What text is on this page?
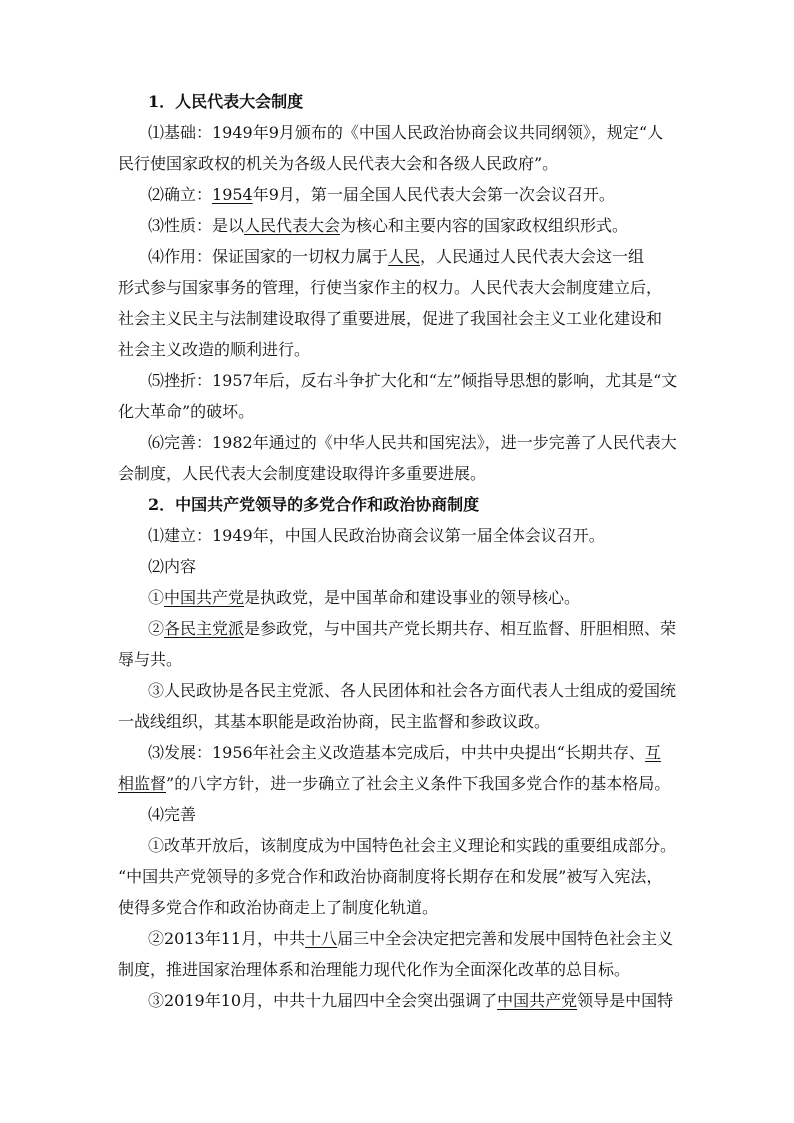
1．人民代表大会制度
⑴基础：1949年9月颁布的《中国人民政治协商会议共同纲领》，规定“人
民行使国家政权的机关为各级人民代表大会和各级人民政府”。
⑵确立：1954年9月，第一届全国人民代表大会第一次会议召开。
⑶性质：是以人民代表大会为核心和主要内容的国家政权组织形式。
⑷作用：保证国家的一切权力属于人民，人民通过人民代表大会这一组
形式参与国家事务的管理，行使当家作主的权力。人民代表大会制度建立后，
社会主义民主与法制建设取得了重要进展，促进了我国社会主义工业化建设和
社会主义改造的顺利进行。
⑸挫折：1957年后，反右斗争扩大化和“左”倾指导思想的影响，尤其是“文
化大革命”的破坏。
⑹完善：1982年通过的《中华人民共和国宪法》，进一步完善了人民代表大
会制度，人民代表大会制度建设取得许多重要进展。
2．中国共产党领导的多党合作和政治协商制度
⑴建立：1949年，中国人民政治协商会议第一届全体会议召开。
⑵内容
①中国共产党是执政党，是中国革命和建设事业的领导核心。
②各民主党派是参政党，与中国共产党长期共存、相互监督、肝胆相照、荣
辱与共。
③人民政协是各民主党派、各人民团体和社会各方面代表人士组成的爱国统
一战线组织，其基本职能是政治协商，民主监督和参政议政。
⑶发展：1956年社会主义改造基本完成后，中共中央提出“长期共存、互
相监督”的八字方针，进一步确立了社会主义条件下我国多党合作的基本格局。
⑷完善
①改革开放后，该制度成为中国特色社会主义理论和实践的重要组成部分。
“中国共产党领导的多党合作和政治协商制度将长期存在和发展”被写入宪法，
使得多党合作和政治协商走上了制度化轨道。
②2013年11月，中共十八届三中全会决定把完善和发展中国特色社会主义
制度，推进国家治理体系和治理能力现代化作为全面深化改革的总目标。
③2019年10月，中共十九届四中全会突出强调了中国共产党领导是中国特
